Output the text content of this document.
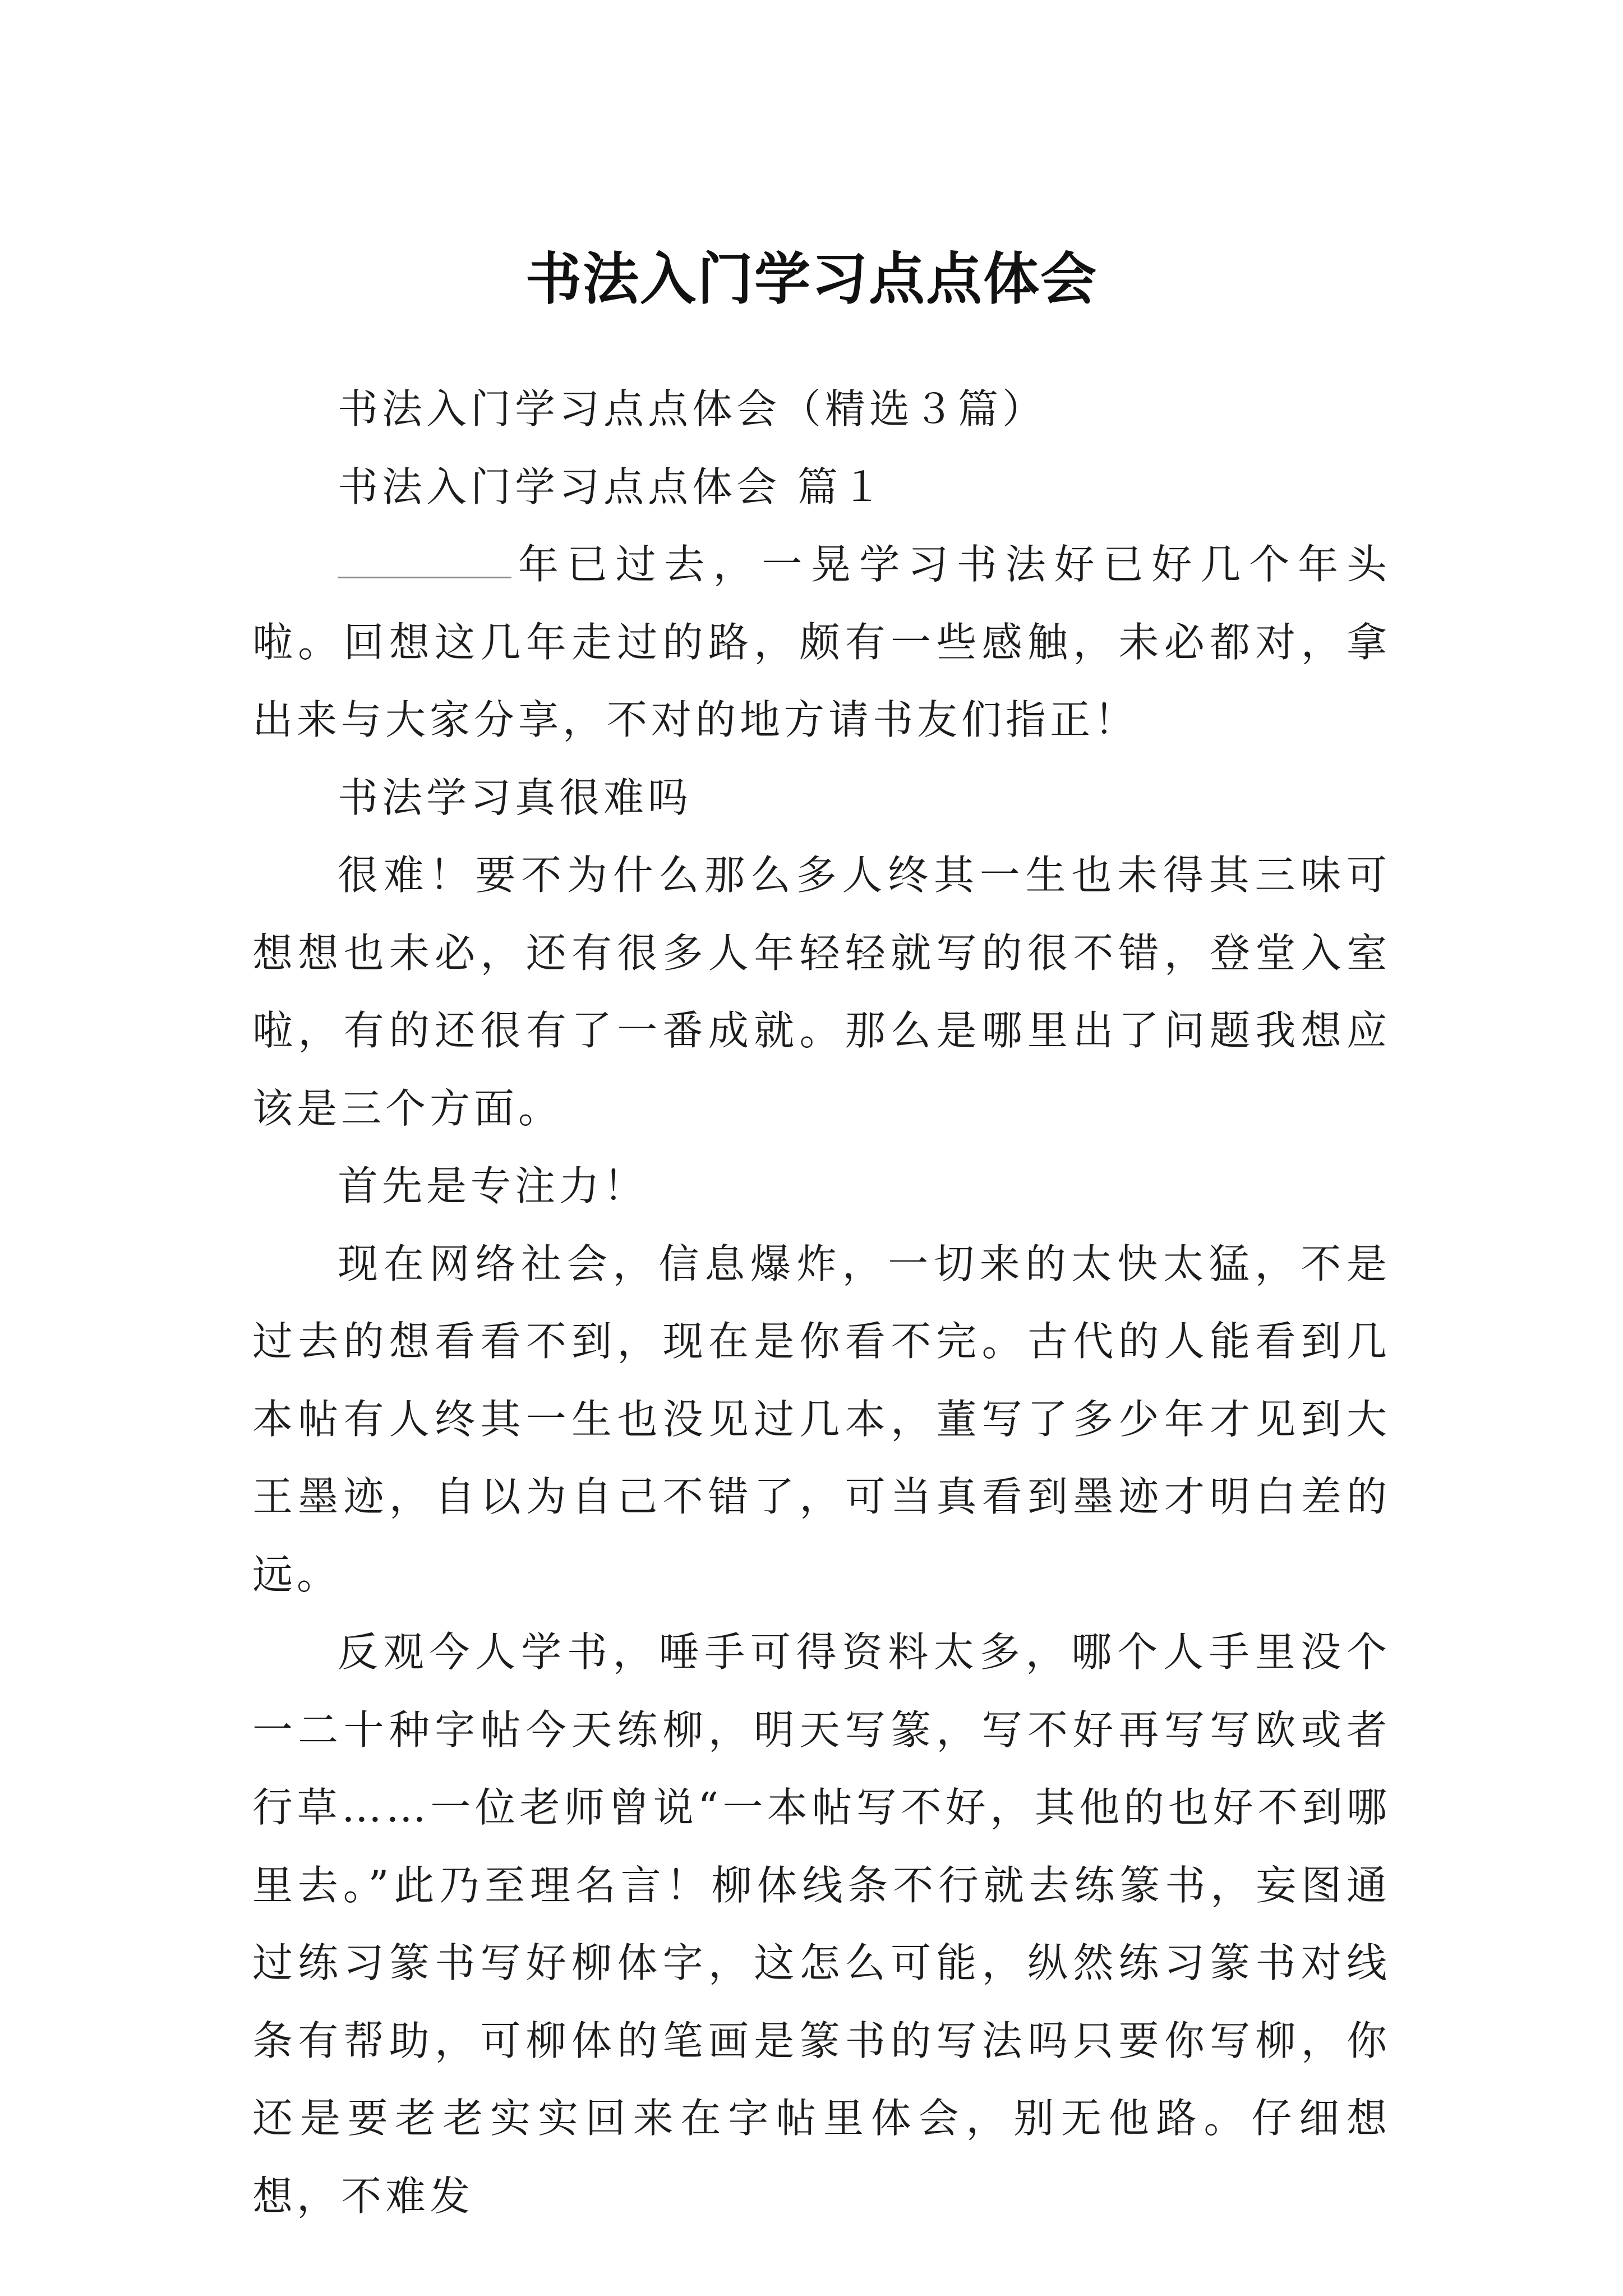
书法入门学习点点体会

书法入门学习点点体会（精选３篇）

书法入门学习点点体会 篇１

年已过去，一晃学习书法好已好几个年头啦。回想这几年走过的路，颇有一些感触，未必都对，拿出来与大家分享，不对的地方请书友们指正！

书法学习真很难吗

很难！要不为什么那么多人终其一生也未得其三味可想想也未必，还有很多人年轻轻就写的很不错，登堂入室啦，有的还很有了一番成就。那么是哪里出了问题我想应该是三个方面。

首先是专注力！

现在网络社会，信息爆炸，一切来的太快太猛，不是过去的想看看不到，现在是你看不完。古代的人能看到几本帖有人终其一生也没见过几本，董写了多少年才见到大王墨迹，自以为自己不错了，可当真看到墨迹才明白差的远。

反观今人学书，唾手可得资料太多，哪个人手里没个一二十种字帖今天练柳，明天写篆，写不好再写写欧或者行草……一位老师曾说“一本帖写不好，其他的也好不到哪里去。”此乃至理名言！柳体线条不行就去练篆书，妄图通过练习篆书写好柳体字，这怎么可能，纵然练习篆书对线条有帮助，可柳体的笔画是篆书的写法吗只要你写柳，你还是要老老实实回来在字帖里体会，别无他路。仔细想想，不难发
